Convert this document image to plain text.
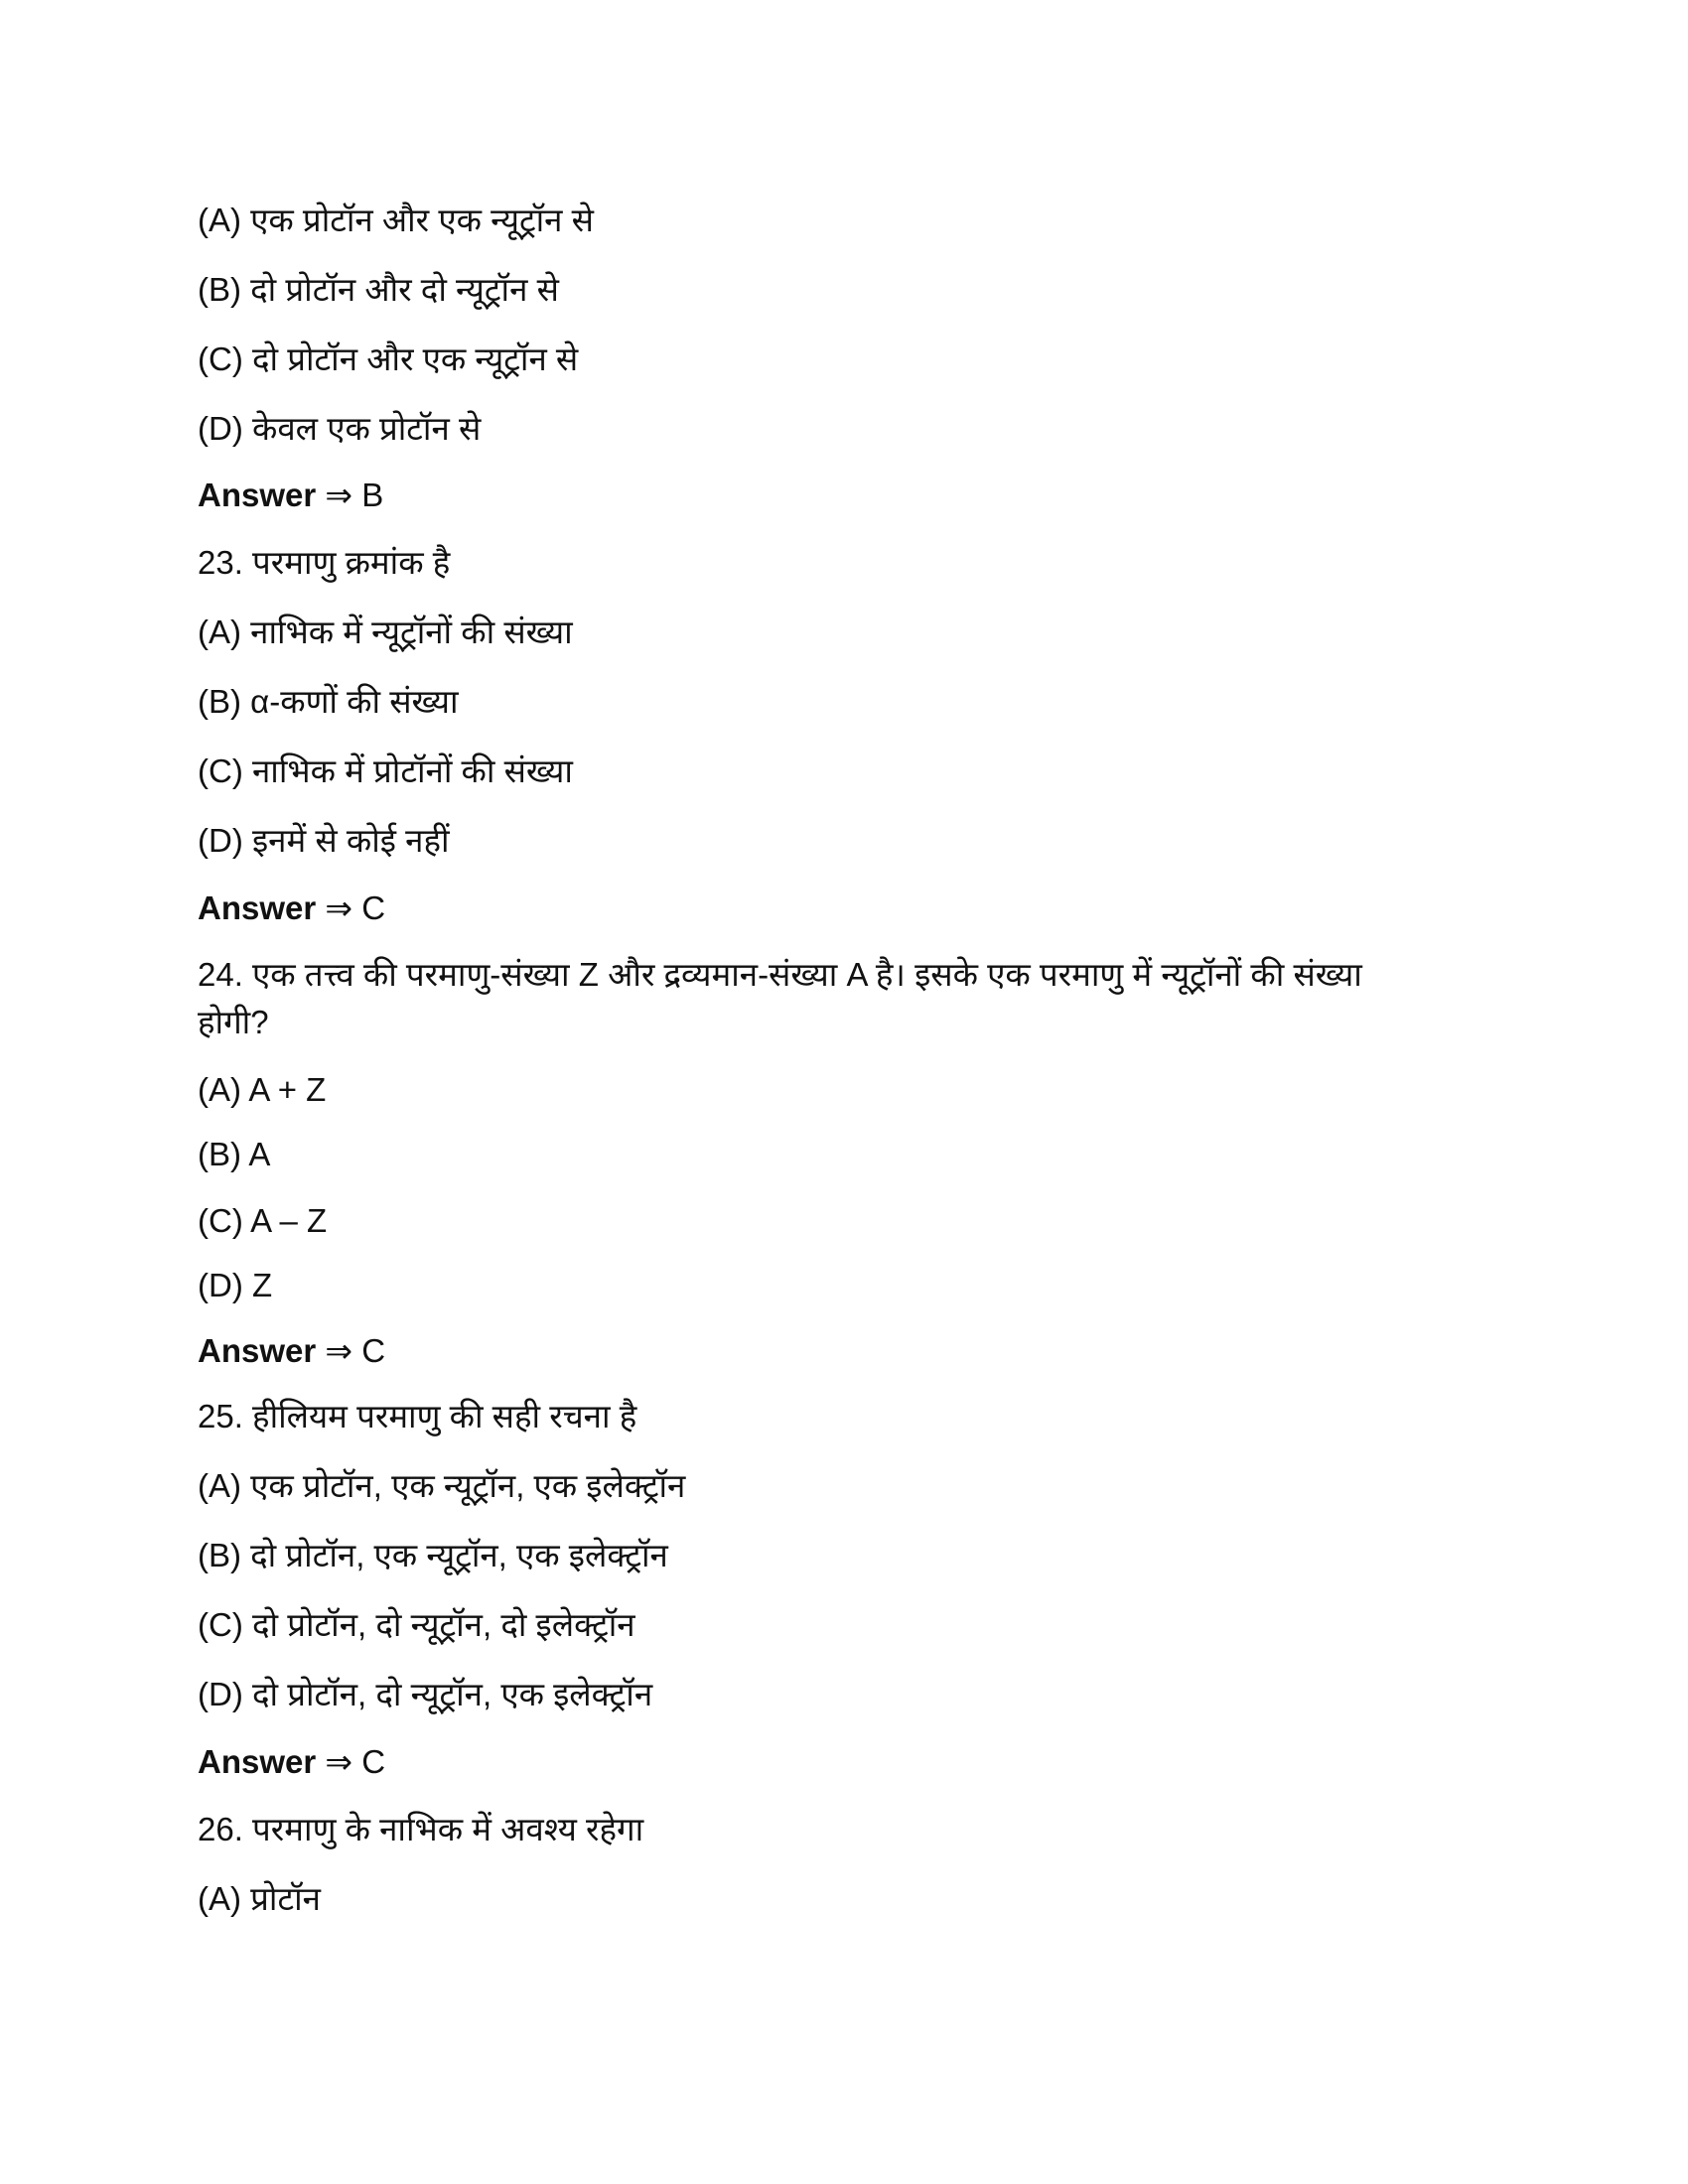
(A) एक प्रोटॉन और एक न्यूट्रॉन से
(B) दो प्रोटॉन और दो न्यूट्रॉन से
(C) दो प्रोटॉन और एक न्यूट्रॉन से
(D) केवल एक प्रोटॉन से
Answer ⇒ B
23. परमाणु क्रमांक है
(A) नाभिक में न्यूट्रॉनों की संख्या
(B) α-कणों की संख्या
(C) नाभिक में प्रोटॉनों की संख्या
(D) इनमें से कोई नहीं
Answer ⇒ C
24. एक तत्त्व की परमाणु-संख्या Z और द्रव्यमान-संख्या A है। इसके एक परमाणु में न्यूट्रॉनों की संख्या
होगी?
(A) A + Z
(B) A
(C) A – Z
(D) Z
Answer ⇒ C
25. हीलियम परमाणु की सही रचना है
(A) एक प्रोटॉन, एक न्यूट्रॉन, एक इलेक्ट्रॉन
(B) दो प्रोटॉन, एक न्यूट्रॉन, एक इलेक्ट्रॉन
(C) दो प्रोटॉन, दो न्यूट्रॉन, दो इलेक्ट्रॉन
(D) दो प्रोटॉन, दो न्यूट्रॉन, एक इलेक्ट्रॉन
Answer ⇒ C
26. परमाणु के नाभिक में अवश्य रहेगा
(A) प्रोटॉन
